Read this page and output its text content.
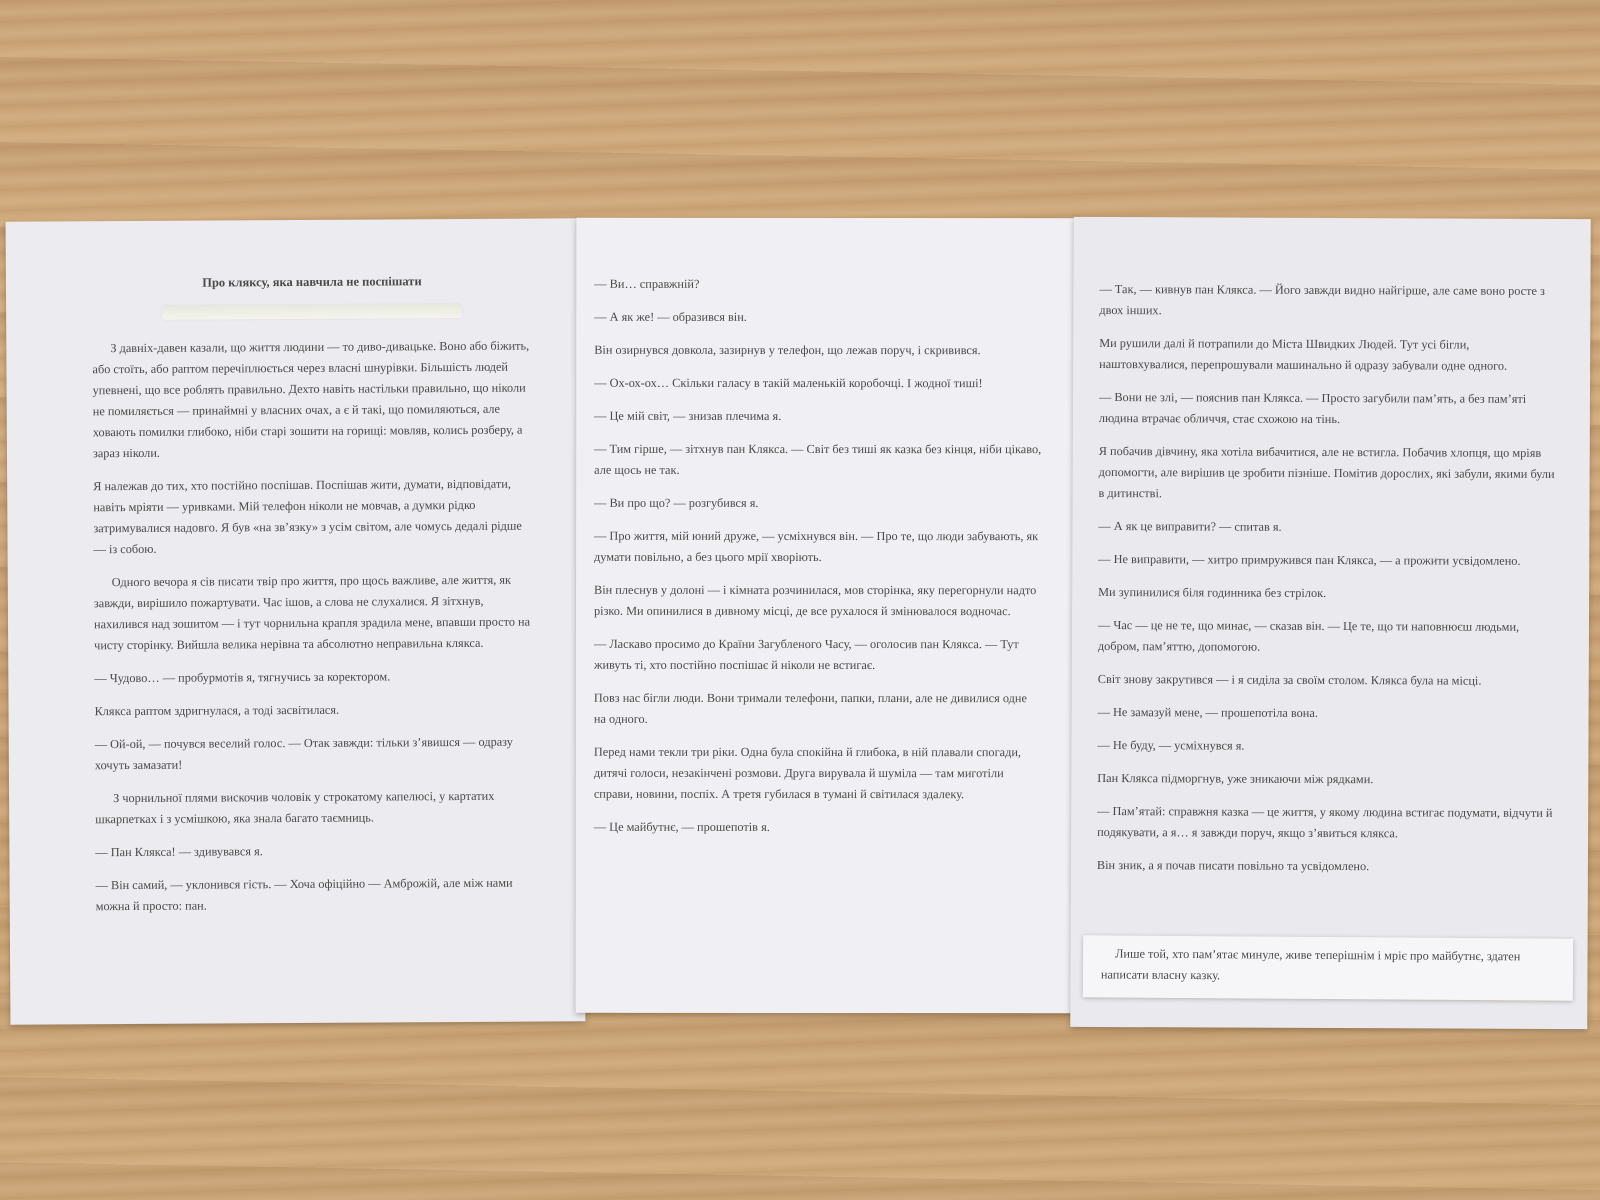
Про кляксу, яка навчила не поспішати

З давніх-давен казали, що життя людини — то диво-дивацьке. Воно або біжить, або стоїть, або раптом перечіплюється через власні шнурівки. Більшість людей упевнені, що все роблять правильно. Дехто навіть настільки правильно, що ніколи не помиляється — принаймні у власних очах, а є й такі, що помиляються, але ховають помилки глибоко, ніби старі зошити на горищі: мовляв, колись розберу, а зараз ніколи.

Я належав до тих, хто постійно поспішав. Поспішав жити, думати, відповідати, навіть мріяти — уривками. Мій телефон ніколи не мовчав, а думки рідко затримувалися надовго. Я був «на зв’язку» з усім світом, але чомусь дедалі рідше — із собою.

Одного вечора я сів писати твір про життя, про щось важливе, але життя, як завжди, вирішило пожартувати. Час ішов, а слова не слухалися. Я зітхнув, нахилився над зошитом — і тут чорнильна крапля зрадила мене, впавши просто на чисту сторінку. Вийшла велика нерівна та абсолютно неправильна клякса.

— Чудово… — пробурмотів я, тягнучись за коректором.

Клякса раптом здригнулася, а тоді засвітилася.

— Ой-ой, — почувся веселий голос. — Отак завжди: тільки з’явишся — одразу хочуть замазати!

З чорнильної плями вискочив чоловік у строкатому капелюсі, у картатих шкарпетках і з усмішкою, яка знала багато таємниць.

— Пан Клякса! — здивувався я.

— Він самий, — уклонився гість. — Хоча офіційно — Амброжій, але між нами можна й просто: пан.

— Ви… справжній?

— А як же! — образився він.

Він озирнувся довкола, зазирнув у телефон, що лежав поруч, і скривився.

— Ох-ох-ох… Скільки галасу в такій маленькій коробочці. І жодної тиші!

— Це мій світ, — знизав плечима я.

— Тим гірше, — зітхнув пан Клякса. — Світ без тиші як казка без кінця, ніби цікаво, але щось не так.

— Ви про що? — розгубився я.

— Про життя, мій юний друже, — усміхнувся він. — Про те, що люди забувають, як думати повільно, а без цього мрії хворіють.

Він плеснув у долоні — і кімната розчинилася, мов сторінка, яку перегорнули надто різко. Ми опинилися в дивному місці, де все рухалося й змінювалося водночас.

— Ласкаво просимо до Країни Загубленого Часу, — оголосив пан Клякса. — Тут живуть ті, хто постійно поспішає й ніколи не встигає.

Повз нас бігли люди. Вони тримали телефони, папки, плани, але не дивилися одне на одного.

Перед нами текли три ріки. Одна була спокійна й глибока, в ній плавали спогади, дитячі голоси, незакінчені розмови. Друга вирувала й шуміла — там миготіли справи, новини, поспіх. А третя губилася в тумані й світилася здалеку.

— Це майбутнє, — прошепотів я.

— Так, — кивнув пан Клякса. — Його завжди видно найгірше, але саме воно росте з двох інших.

Ми рушили далі й потрапили до Міста Швидких Людей. Тут усі бігли, наштовхувалися, перепрошували машинально й одразу забували одне одного.

— Вони не злі, — пояснив пан Клякса. — Просто загубили пам’ять, а без пам’яті людина втрачає обличчя, стає схожою на тінь.

Я побачив дівчину, яка хотіла вибачитися, але не встигла. Побачив хлопця, що мріяв допомогти, але вирішив це зробити пізніше. Помітив дорослих, які забули, якими були в дитинстві.

— А як це виправити? — спитав я.

— Не виправити, — хитро примружився пан Клякса, — а прожити усвідомлено.

Ми зупинилися біля годинника без стрілок.

— Час — це не те, що минає, — сказав він. — Це те, що ти наповнюєш людьми, добром, пам’яттю, допомогою.

Світ знову закрутився — і я сиділа за своїм столом. Клякса була на місці.

— Не замазуй мене, — прошепотіла вона.

— Не буду, — усміхнувся я.

Пан Клякса підморгнув, уже зникаючи між рядками.

— Пам’ятай: справжня казка — це життя, у якому людина встигає подумати, відчути й подякувати, а я… я завжди поруч, якщо з’явиться клякса.

Він зник, а я почав писати повільно та усвідомлено.

Лише той, хто пам’ятає минуле, живе теперішнім і мріє про майбутнє, здатен написати власну казку.
